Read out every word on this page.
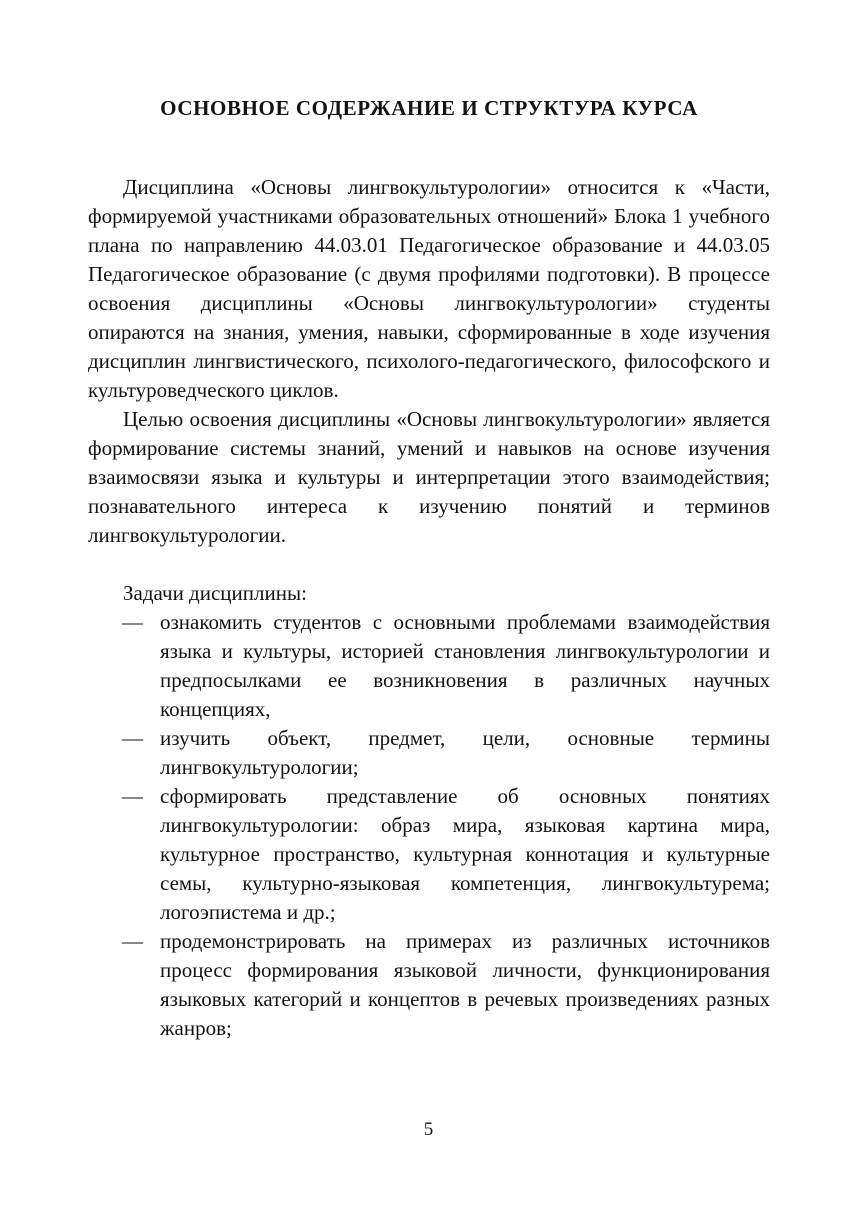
ОСНОВНОЕ СОДЕРЖАНИЕ И СТРУКТУРА КУРСА

Дисциплина «Основы лингвокультурологии» относится к «Части, формируемой участниками образовательных отношений» Блока 1 учебного плана по направлению 44.03.01 Педагогическое образование и 44.03.05 Педагогическое образование (с двумя профилями подготовки). В процессе освоения дисциплины «Основы лингвокультурологии» студенты опираются на знания, умения, навыки, сформированные в ходе изучения дисциплин лингвистического, психолого-педагогического, философского и культуроведческого циклов.

Целью освоения дисциплины «Основы лингвокультурологии» является формирование системы знаний, умений и навыков на основе изучения взаимосвязи языка и культуры и интерпретации этого взаимодействия; познавательного интереса к изучению понятий и терминов лингвокультурологии.

Задачи дисциплины:

— ознакомить студентов с основными проблемами взаимодействия языка и культуры, историей становления лингвокультурологии и предпосылками ее возникновения в различных научных концепциях,
— изучить объект, предмет, цели, основные термины лингвокультурологии;
— сформировать представление об основных понятиях лингвокультурологии: образ мира, языковая картина мира, культурное пространство, культурная коннотация и культурные семы, культурно-языковая компетенция, лингвокультурема; логоэпистема и др.;
— продемонстрировать на примерах из различных источников процесс формирования языковой личности, функционирования языковых категорий и концептов в речевых произведениях разных жанров;
5
